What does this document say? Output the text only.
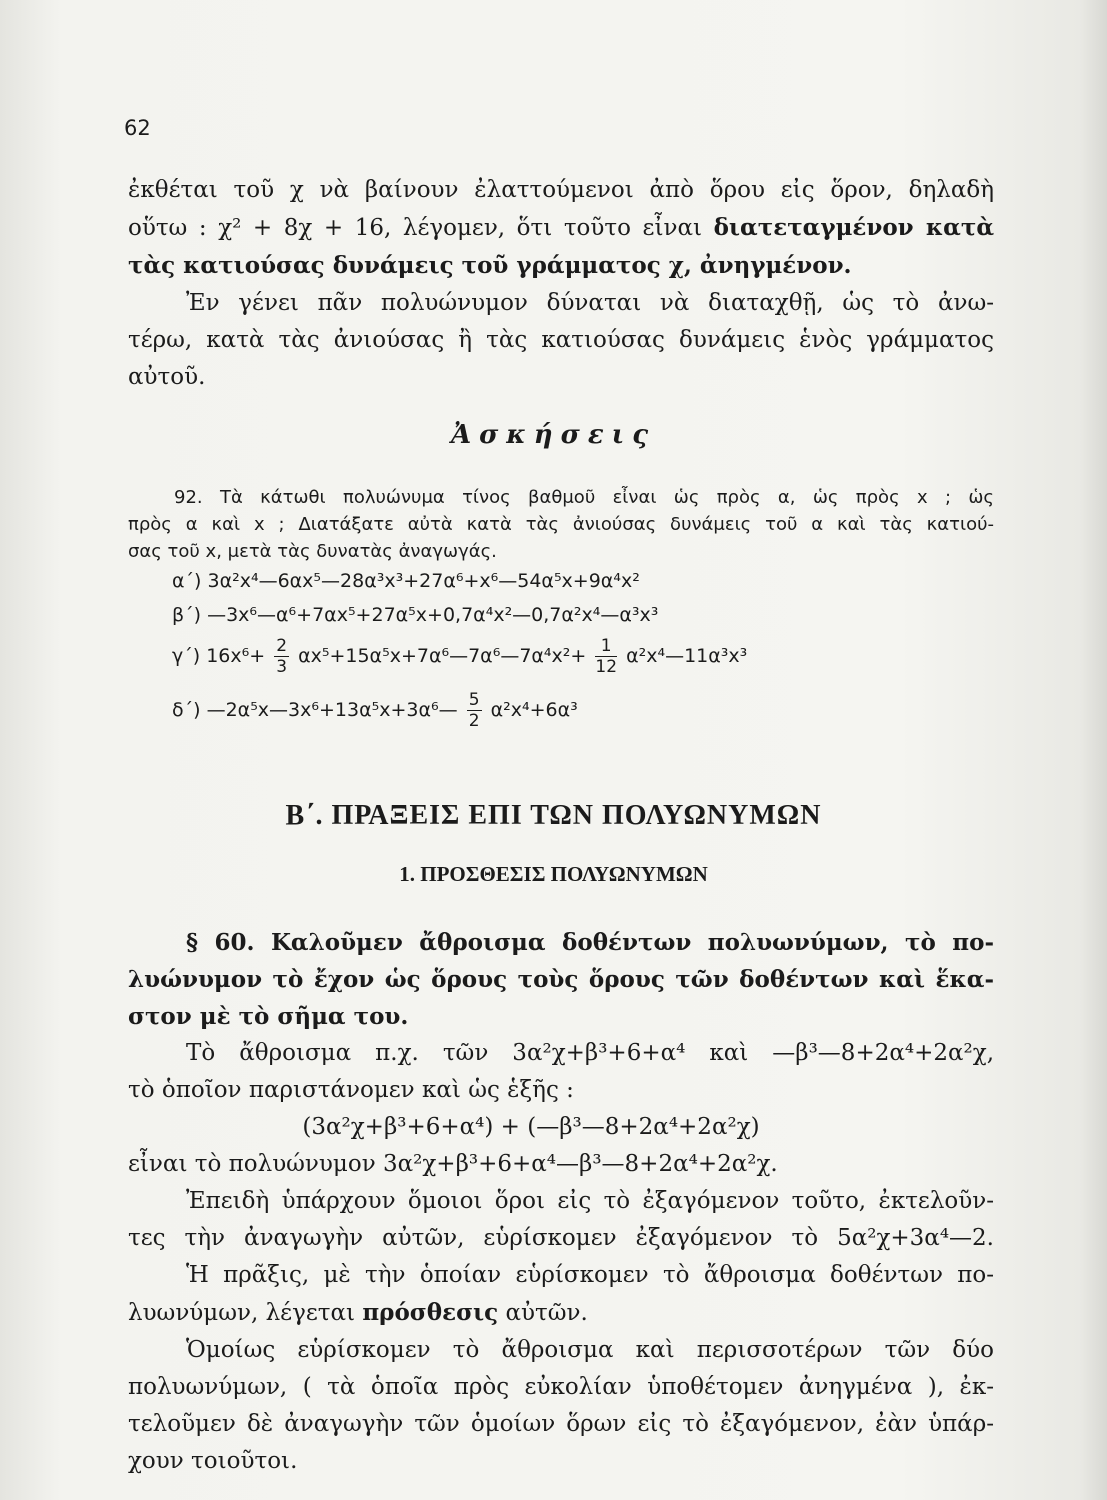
62
ἐκθέται τοῦ χ νὰ βαίνουν ἐλαττούμενοι ἀπὸ ὅρου εἰς ὅρον, δηλαδὴ
οὕτω : χ² + 8χ + 16, λέγομεν, ὅτι τοῦτο εἶναι διατεταγμένον κατὰ
τὰς κατιούσας δυνάμεις τοῦ γράμματος χ, ἀνηγμένον.
Ἐν γένει πᾶν πολυώνυμον δύναται νὰ διαταχθῇ, ὡς τὸ ἀνω-
τέρω, κατὰ τὰς ἀνιούσας ἢ τὰς κατιούσας δυνάμεις ἑνὸς γράμματος
αὐτοῦ.
Ἀσκήσεις
92. Τὰ κάτωθι πολυώνυμα τίνος βαθμοῦ εἶναι ὡς πρὸς α, ὡς πρὸς x ; ὡς
πρὸς α καὶ x ; Διατάξατε αὐτὰ κατὰ τὰς ἀνιούσας δυνάμεις τοῦ α καὶ τὰς κατιού-
σας τοῦ x, μετὰ τὰς δυνατὰς ἀναγωγάς.
α΄) 3α²x⁴—6αx⁵—28α³x³+27α⁶+x⁶—54α⁵x+9α⁴x²
β΄) —3x⁶—α⁶+7αx⁵+27α⁵x+0,7α⁴x²—0,7α²x⁴—α³x³
γ΄) $16x^6+ \frac{2}{3}$ αx⁵+15α⁵x+7α⁶—7α⁶—7α⁴x²+ $\frac{1}{12}$ α²x⁴—11α³x³
δ΄) —2α⁵x—3x⁶+13α⁵x+3α⁶— $\frac{5}{2} \alpha^2x^4+6\alpha^3$
Β΄. ΠΡΑΞΕΙΣ ΕΠΙ ΤΩΝ ΠΟΛΥΩΝΥΜΩΝ
1. ΠΡΟΣΘΕΣΙΣ ΠΟΛΥΩΝΥΜΩΝ
§ 60. Καλοῦμεν ἄθροισμα δοθέντων πολυωνύμων, τὸ πο-
λυώνυμον τὸ ἔχον ὡς ὅρους τοὺς ὅρους τῶν δοθέντων καὶ ἕκα-
στον μὲ τὸ σῆμα του.
Τὸ ἄθροισμα π.χ. τῶν 3α²χ+β³+6+α⁴ καὶ —β³—8+2α⁴+2α²χ,
τὸ ὁποῖον παριστάνομεν καὶ ὡς ἑξῆς :
(3α²χ+β³+6+α⁴) + (—β³—8+2α⁴+2α²χ)
εἶναι τὸ πολυώνυμον 3α²χ+β³+6+α⁴—β³—8+2α⁴+2α²χ.
Ἐπειδὴ ὑπάρχουν ὅμοιοι ὅροι εἰς τὸ ἐξαγόμενον τοῦτο, ἐκτελοῦν-
τες τὴν ἀναγωγὴν αὐτῶν, εὑρίσκομεν ἐξαγόμενον τὸ 5α²χ+3α⁴—2.
Ἡ πρᾶξις, μὲ τὴν ὁποίαν εὑρίσκομεν τὸ ἄθροισμα δοθέντων πο-
λυωνύμων, λέγεται πρόσθεσις αὐτῶν.
Ὁμοίως εὑρίσκομεν τὸ ἄθροισμα καὶ περισσοτέρων τῶν δύο
πολυωνύμων, ( τὰ ὁποῖα πρὸς εὐκολίαν ὑποθέτομεν ἀνηγμένα ), ἐκ-
τελοῦμεν δὲ ἀναγωγὴν τῶν ὁμοίων ὅρων εἰς τὸ ἐξαγόμενον, ἐὰν ὑπάρ-
χουν τοιοῦτοι.
